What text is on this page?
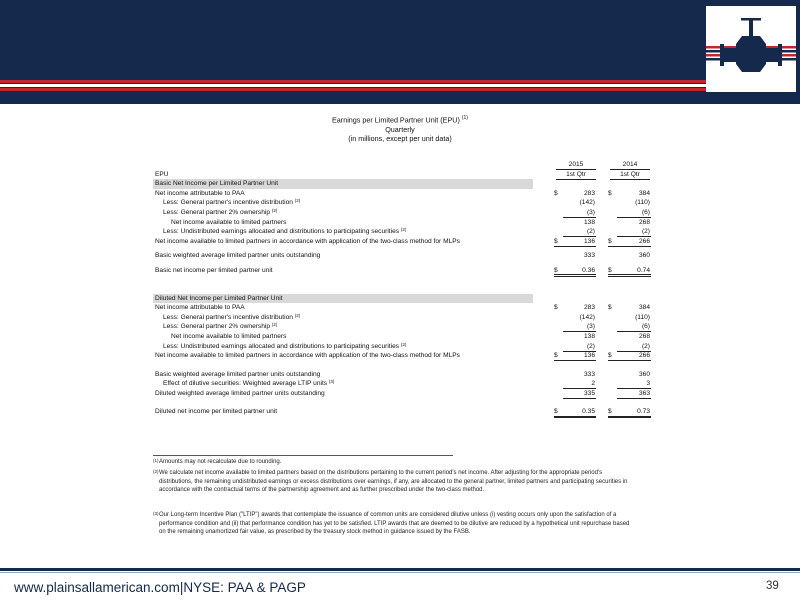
Earnings per Limited Partner Unit (EPU) $^{(1)}$
Quarterly
(in millions, except per unit data)
2015	2014
EPU	1st Qtr	1st Qtr
Basic Net Income per Limited Partner Unit
Net income attributable to PAA	$	283 $	384
Less: General partner's incentive distribution $^{(2)}$	(142)	(110)
Less: General partner 2% ownership $^{(2)}$	(3)	(6)
Net income available to limited partners	138	268
Less: Undistributed earnings allocated and distributions to participating securities $^{(2)}$	(2)	(2)
Net income available to limited partners in accordance with application of the two-class method for MLPs	$	136 $	266
Basic weighted average limited partner units outstanding	333	360
Basic net income per limited partner unit	$	0.36 $	0.74
Diluted Net Income per Limited Partner Unit
Net income attributable to PAA	$	283 $	384
Less: General partner's incentive distribution $^{(2)}$	(142)	(110)
Less: General partner 2% ownership $^{(2)}$	(3)	(6)
Net income available to limited partners	138	268
Less: Undistributed earnings allocated and distributions to participating securities $^{(2)}$	(2)	(2)
Net income available to limited partners in accordance with application of the two-class method for MLPs	$	136 $	266
Basic weighted average limited partner units outstanding	333	360
Effect of dilutive securities: Weighted average LTIP units $^{(3)}$	2	3
Diluted weighted average limited partner units outstanding	335	363
Diluted net income per limited partner unit	$	0.35 $	0.73
(1) Amounts may not recalculate due to rounding.
(2) We calculate net income available to limited partners based on the distributions pertaining to the current period's net income. After adjusting for the appropriate period's distributions, the remaining undistributed earnings or excess distributions over earnings, if any, are allocated to the general partner, limited partners and participating securities in accordance with the contractual terms of the partnership agreement and as further prescribed under the two-class method.
(3) Our Long-term Incentive Plan ("LTIP") awards that contemplate the issuance of common units are considered dilutive unless (i) vesting occurs only upon the satisfaction of a performance condition and (ii) that performance condition has yet to be satisfied. LTIP awards that are deemed to be dilutive are reduced by a hypothetical unit repurchase based on the remaining unamortized fair value, as prescribed by the treasury stock method in guidance issued by the FASB.
www.plainsallamerican.com|NYSE: PAA & PAGP	39
